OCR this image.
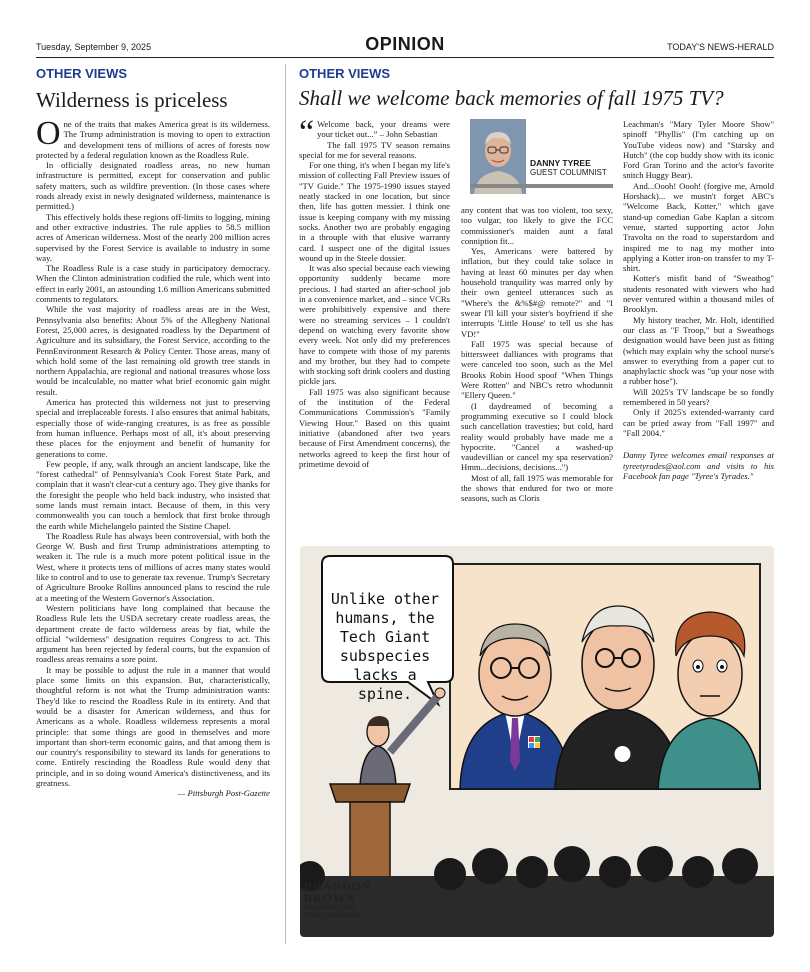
Tuesday, September 9, 2025	OPINION	TODAY'S NEWS-HERALD
OTHER VIEWS
Wilderness is priceless

One of the traits that makes America great is its wilderness. The Trump administration is moving to open to extraction and development tens of millions of acres of forests now protected by a federal regulation known as the Roadless Rule.

In officially designated roadless areas, no new human infrastructure is permitted, except for conservation and public safety matters, such as wildfire prevention. (In those cases where roads already exist in newly designated wilderness, maintenance is permitted.)

This effectively holds these regions off-limits to logging, mining and other extractive industries. The rule applies to 58.5 million acres of American wilderness. Most of the nearly 200 million acres supervised by the Forest Service is available to industry in some way.

The Roadless Rule is a case study in participatory democracy. When the Clinton administration codified the rule, which went into effect in early 2001, an astounding 1.6 million Americans submitted comments to regulators.

While the vast majority of roadless areas are in the West, Pennsylvania also benefits: About 5% of the Allegheny National Forest, 25,000 acres, is designated roadless by the Department of Agriculture and its subsidiary, the Forest Service, according to the PennEnvironment Research & Policy Center. Those areas, many of which hold some of the last remaining old growth tree stands in northern Appalachia, are regional and national treasures whose loss would be incalculable, no matter what brief economic gain might result.

America has protected this wilderness not just to preserving special and irreplaceable forests. I also ensures that animal habitats, especially those of wide-ranging creatures, is as free as possible from human influence. Perhaps most of all, it's about preserving these places for the enjoyment and benefit of humanity for generations to come.

Few people, if any, walk through an ancient landscape, like the "forest cathedral" of Pennsylvania's Cook Forest State Park, and complain that it wasn't clear-cut a century ago. They give thanks for the foresight the people who held back industry, who insisted that some lands must remain intact. Because of them, in this very commonwealth you can touch a hemlock that first broke through the earth while Michelangelo painted the Sistine Chapel.

The Roadless Rule has always been controversial, with both the George W. Bush and first Trump administrations attempting to weaken it. The rule is a much more potent political issue in the West, where it protects tens of millions of acres many states would like to control and to use to generate tax revenue. Trump's Secretary of Agriculture Brooke Rollins announced plans to rescind the rule at a meeting of the Western Governor's Association.

Western politicians have long complained that because the Roadless Rule lets the USDA secretary create roadless areas, the department create de facto wilderness areas by fiat, while the official "wilderness" designation requires Congress to act. This argument has been rejected by federal courts, but the expansion of roadless areas remains a sore point.

It may be possible to adjust the rule in a manner that would place some limits on this expansion. But, characteristically, thoughtful reform is not what the Trump administration wants: They'd like to rescind the Roadless Rule in its entirety. And that would be a disaster for American wilderness, and thus for Americans as a whole. Roadless wilderness represents a moral principle: that some things are good in themselves and more important than short-term economic gains, and that among them is our country's responsibility to steward its lands for generations to come. Entirely rescinding the Roadless Rule would deny that principle, and in so doing wound America's distinctiveness, and its greatness.

— Pittsburgh Post-Gazette

OTHER VIEWS
Shall we welcome back memories of fall 1975 TV?

“ Welcome back, your dreams were your ticket out...” – John Sebastian

The fall 1975 TV season remains special for me for several reasons.

For one thing, it's when I began my life's mission of collecting Fall Preview issues of "TV Guide." The 1975-1990 issues stayed neatly stacked in one location, but since then, life has gotten messier. I think one issue is keeping company with my missing socks. Another two are probably engaging in a throuple with that elusive warranty card. I suspect one of the digital issues wound up in the Steele dossier.

It was also special because each viewing opportunity suddenly became more precious. I had started an after-school job in a convenience market, and – since VCRs were prohibitively expensive and there were no streaming services – I couldn't depend on watching every favorite show every week. Not only did my preferences have to compete with those of my parents and my brother, but they had to compete with stocking soft drink coolers and dusting pickle jars.

Fall 1975 was also significant because of the institution of the Federal Communications Commission's "Family Viewing Hour." Based on this quaint initiative (abandoned after two years because of First Amendment concerns), the networks agreed to keep the first hour of primetime devoid of

DANNY TYREE
GUEST COLUMNIST

any content that was too violent, too sexy, too vulgar, too likely to give the FCC commissioner's maiden aunt a fatal conniption fit...

Yes, Americans were battered by inflation, but they could take solace in having at least 60 minutes per day when household tranquility was marred only by their own genteel utterances such as "Where's the &%$#@ remote?" and "I swear I'll kill your sister's boyfriend if she interrupts 'Little House' to tell us she has VD!"

Fall 1975 was special because of bittersweet dalliances with programs that were canceled too soon, such as the Mel Brooks Robin Hood spoof "When Things Were Rotten" and NBC's retro whodunnit "Ellery Queen."

(I daydreamed of becoming a programming executive so I could block such cancellation travesties; but cold, hard reality would probably have made me a hypocrite. "Cancel a washed-up vaudevillian or cancel my spa reservation? Hmm...decisions, decisions...")

Most of all, fall 1975 was memorable for the shows that endured for two or more seasons, such as Cloris

Leachman's "Mary Tyler Moore Show" spinoff "Phyllis" (I'm catching up on YouTube videos now) and "Starsky and Hutch" (the cop buddy show with its iconic Ford Gran Torino and the actor's favorite snitch Huggy Bear).

And...Oooh! Oooh! (forgive me, Arnold Horshack)... we mustn't forget ABC's "Welcome Back, Kotter," which gave stand-up comedian Gabe Kaplan a sitcom venue, started supporting actor John Travolta on the road to superstardom and inspired me to nag my mother into applying a Kotter iron-on transfer to my T-shirt.

Kotter's misfit band of "Sweathog" students resonated with viewers who had never ventured within a thousand miles of Brooklyn.

My history teacher, Mr. Holt, identified our class as "F Troop," but a Sweathogs designation would have been just as fitting (which may explain why the school nurse's answer to everything from a paper cut to anaphylactic shock was "up your nose with a rubber hose").

Will 2025's TV landscape be so fondly remembered in 50 years?

Only if 2025's extended-warranty card can be pried away from "Fall 1997" and "Fall 2004."

Danny Tyree welcomes email responses at tyreetyrades@aol.com and visits to his Facebook fan page "Tyree's Tyrades."

Unlike other humans, the Tech Giant subspecies lacks a spine.
BRANDON BROWN
inkcartoons.com
Cagle.com/brown
